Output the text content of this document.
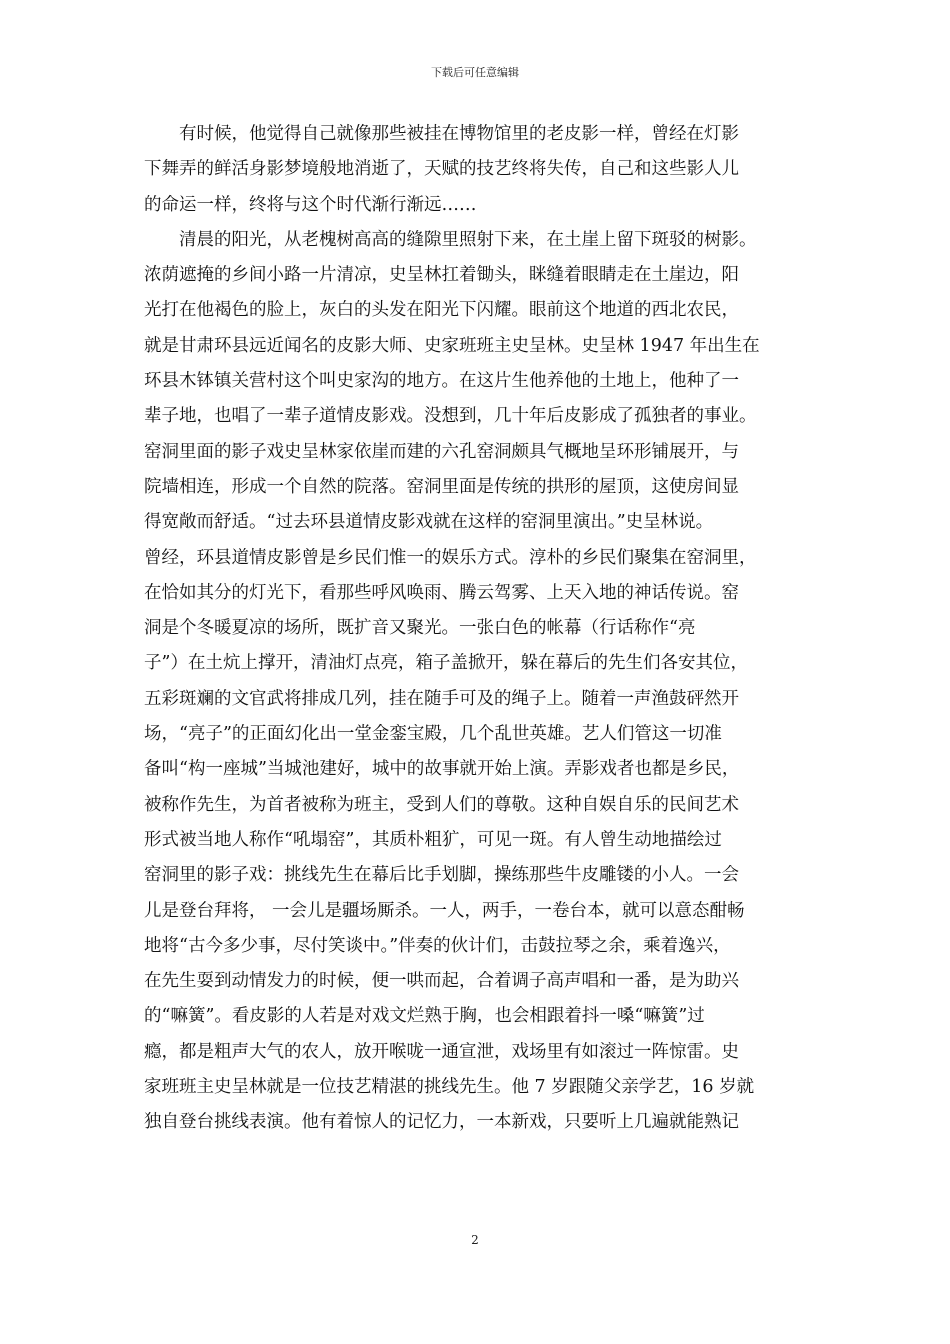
下载后可任意编辑
有时候，他觉得自己就像那些被挂在博物馆里的老皮影一样，曾经在灯影
下舞弄的鲜活身影梦境般地消逝了，天赋的技艺终将失传，自己和这些影人儿
的命运一样，终将与这个时代渐行渐远……
清晨的阳光，从老槐树高高的缝隙里照射下来，在土崖上留下斑驳的树影。
浓荫遮掩的乡间小路一片清凉，史呈林扛着锄头，眯缝着眼睛走在土崖边，阳
光打在他褐色的脸上，灰白的头发在阳光下闪耀。眼前这个地道的西北农民，
就是甘肃环县远近闻名的皮影大师、史家班班主史呈林。史呈林 1947 年出生在
环县木钵镇关营村这个叫史家沟的地方。在这片生他养他的土地上，他种了一
辈子地，也唱了一辈子道情皮影戏。没想到，几十年后皮影成了孤独者的事业。
窑洞里面的影子戏史呈林家依崖而建的六孔窑洞颇具气概地呈环形铺展开，与
院墙相连，形成一个自然的院落。窑洞里面是传统的拱形的屋顶，这使房间显
得宽敞而舒适。“过去环县道情皮影戏就在这样的窑洞里演出。”史呈林说。
曾经，环县道情皮影曾是乡民们惟一的娱乐方式。淳朴的乡民们聚集在窑洞里，
在恰如其分的灯光下，看那些呼风唤雨、腾云驾雾、上天入地的神话传说。窑
洞是个冬暖夏凉的场所，既扩音又聚光。一张白色的帐幕（行话称作“亮
子”）在土炕上撑开，清油灯点亮，箱子盖掀开，躲在幕后的先生们各安其位，
五彩斑斓的文官武将排成几列，挂在随手可及的绳子上。随着一声渔鼓砰然开
场，“亮子”的正面幻化出一堂金銮宝殿，几个乱世英雄。艺人们管这一切准
备叫“构一座城”当城池建好，城中的故事就开始上演。弄影戏者也都是乡民，
被称作先生，为首者被称为班主，受到人们的尊敬。这种自娱自乐的民间艺术
形式被当地人称作“吼塌窑”，其质朴粗犷，可见一斑。有人曾生动地描绘过
窑洞里的影子戏：挑线先生在幕后比手划脚，操练那些牛皮雕镂的小人。一会
儿是登台拜将， 一会儿是疆场厮杀。一人，两手，一卷台本，就可以意态酣畅
地将“古今多少事，尽付笑谈中。”伴奏的伙计们，击鼓拉琴之余，乘着逸兴，
在先生耍到动情发力的时候，便一哄而起，合着调子高声唱和一番，是为助兴
的“嘛簧”。看皮影的人若是对戏文烂熟于胸，也会相跟着抖一嗓“嘛簧”过
瘾，都是粗声大气的农人，放开喉咙一通宣泄，戏场里有如滚过一阵惊雷。史
家班班主史呈林就是一位技艺精湛的挑线先生。他 7 岁跟随父亲学艺，16 岁就
独自登台挑线表演。他有着惊人的记忆力，一本新戏，只要听上几遍就能熟记
2
